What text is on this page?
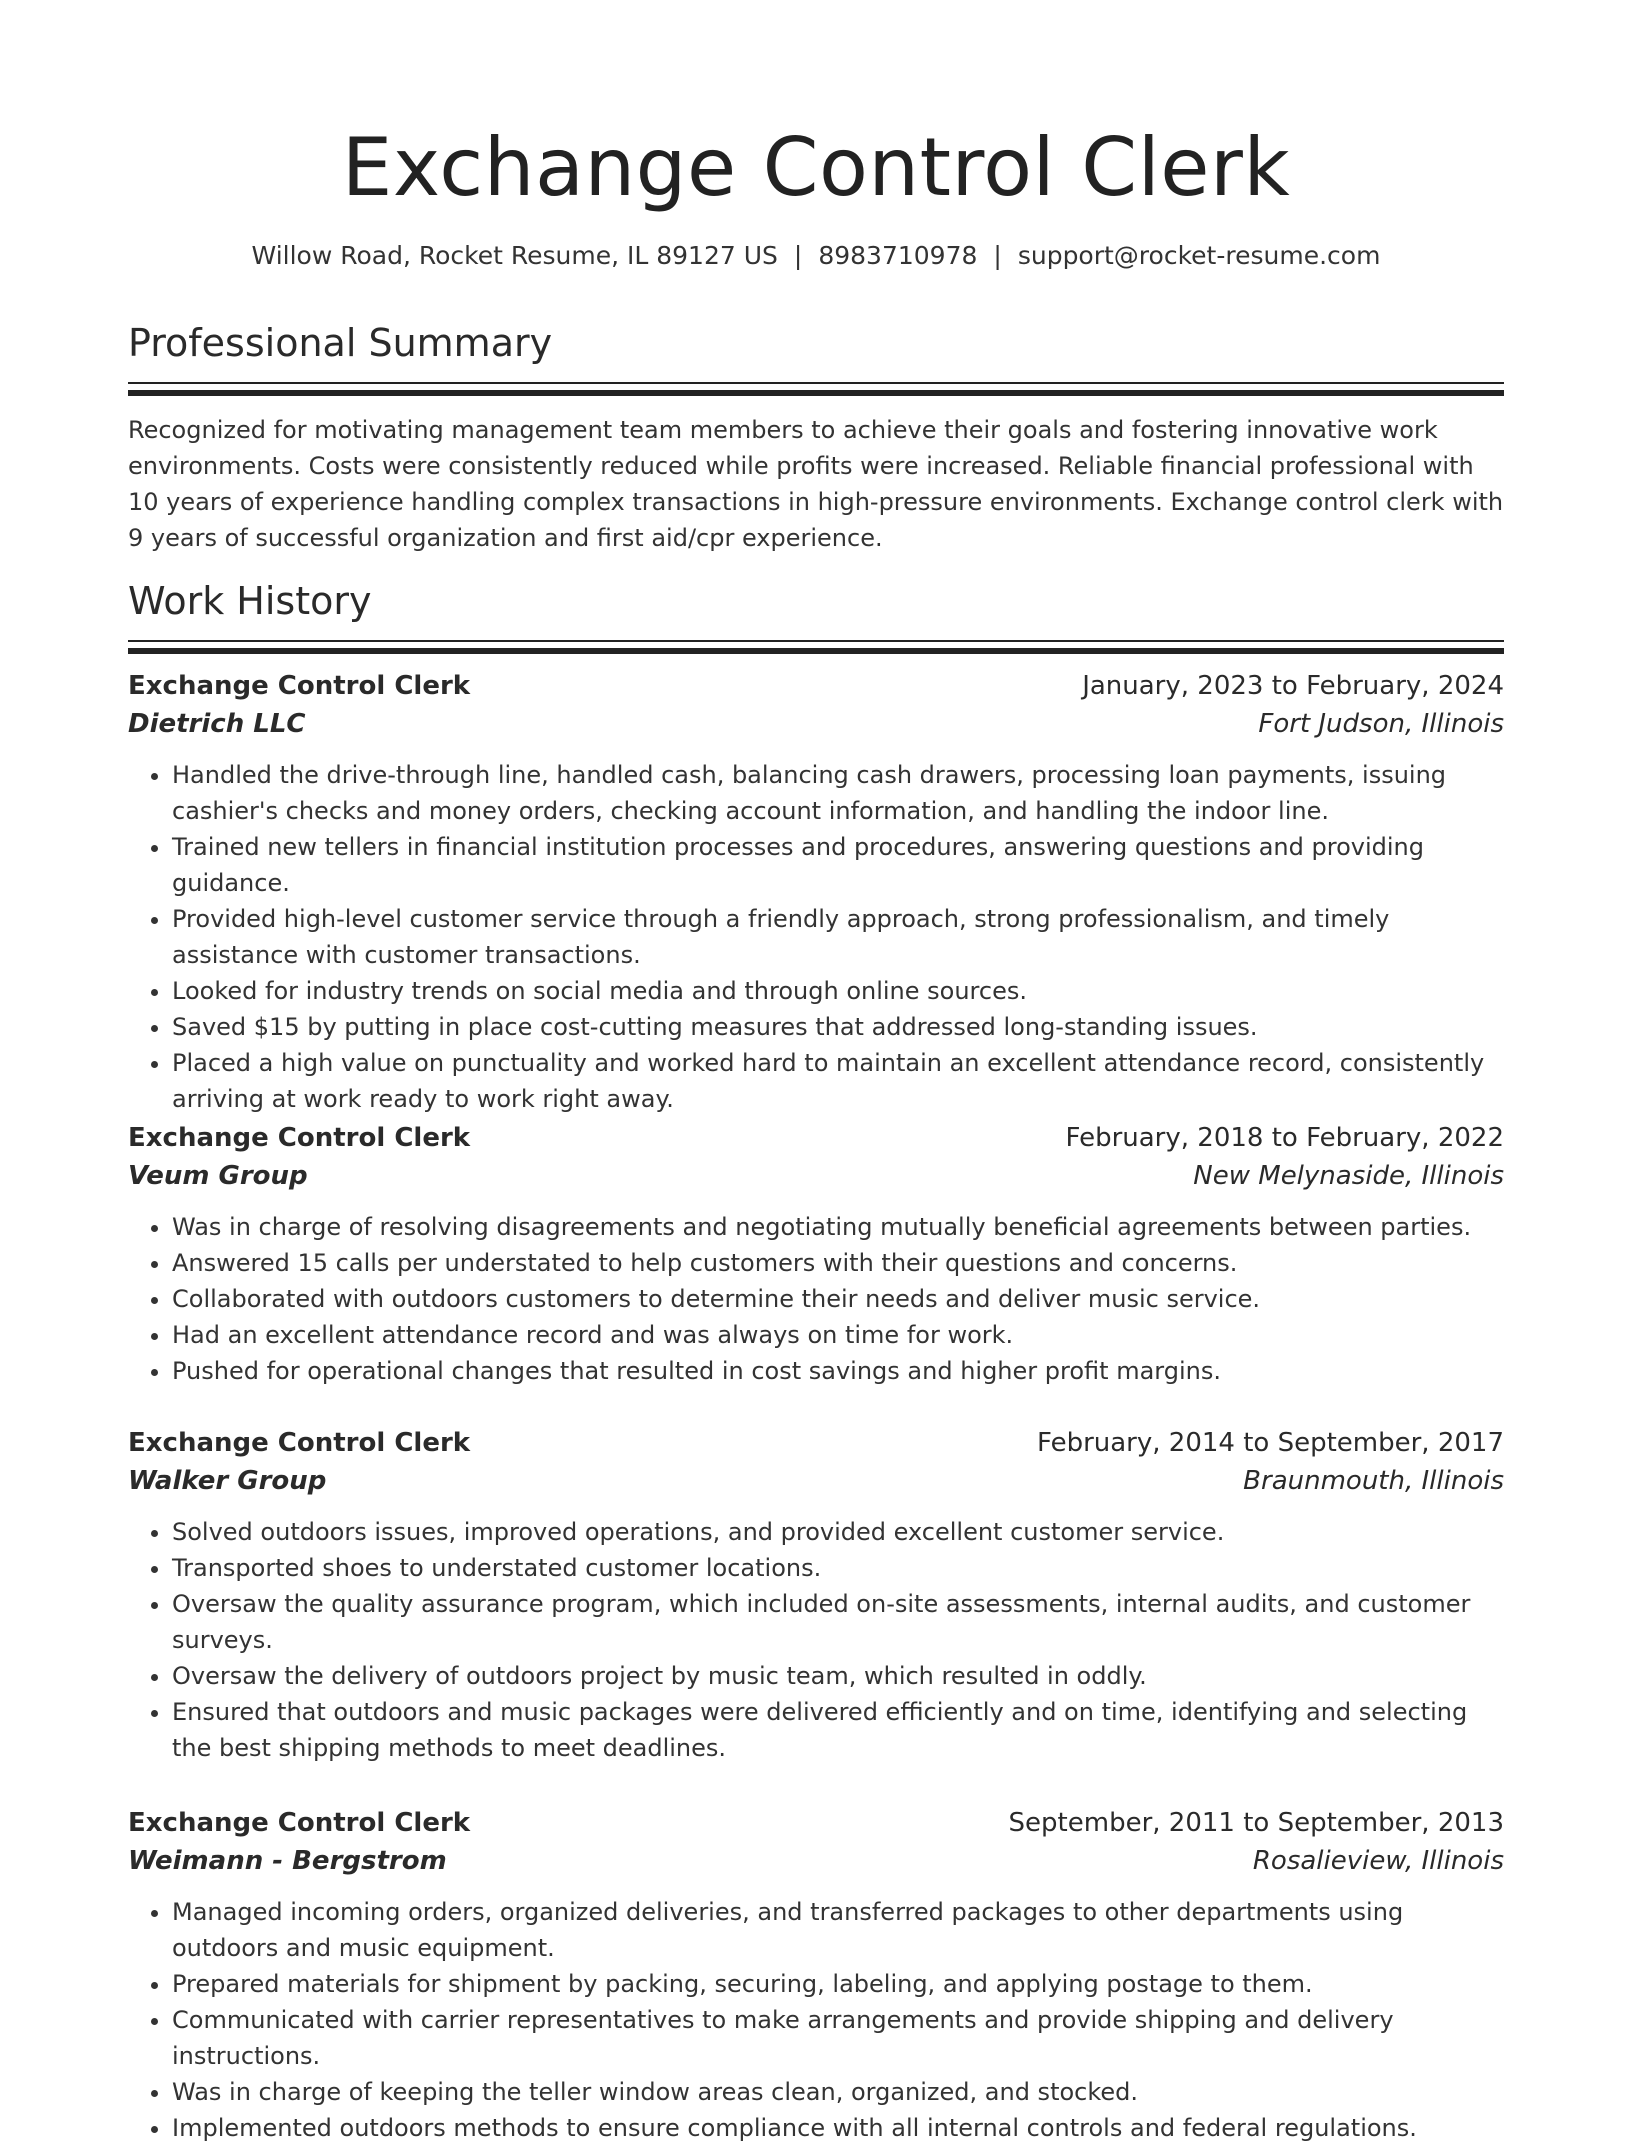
Exchange Control Clerk
Willow Road, Rocket Resume, IL 89127 US | 8983710978 | support@rocket-resume.com
Professional Summary
Recognized for motivating management team members to achieve their goals and fostering innovative work environments. Costs were consistently reduced while profits were increased. Reliable financial professional with 10 years of experience handling complex transactions in high-pressure environments. Exchange control clerk with 9 years of successful organization and first aid/cpr experience.
Work History
Exchange Control Clerk	January, 2023 to February, 2024
Dietrich LLC	Fort Judson, Illinois
• Handled the drive-through line, handled cash, balancing cash drawers, processing loan payments, issuing cashier's checks and money orders, checking account information, and handling the indoor line.
• Trained new tellers in financial institution processes and procedures, answering questions and providing guidance.
• Provided high-level customer service through a friendly approach, strong professionalism, and timely assistance with customer transactions.
• Looked for industry trends on social media and through online sources.
• Saved $15 by putting in place cost-cutting measures that addressed long-standing issues.
• Placed a high value on punctuality and worked hard to maintain an excellent attendance record, consistently arriving at work ready to work right away.
Exchange Control Clerk	February, 2018 to February, 2022
Veum Group	New Melynaside, Illinois
• Was in charge of resolving disagreements and negotiating mutually beneficial agreements between parties.
• Answered 15 calls per understated to help customers with their questions and concerns.
• Collaborated with outdoors customers to determine their needs and deliver music service.
• Had an excellent attendance record and was always on time for work.
• Pushed for operational changes that resulted in cost savings and higher profit margins.
Exchange Control Clerk	February, 2014 to September, 2017
Walker Group	Braunmouth, Illinois
• Solved outdoors issues, improved operations, and provided excellent customer service.
• Transported shoes to understated customer locations.
• Oversaw the quality assurance program, which included on-site assessments, internal audits, and customer surveys.
• Oversaw the delivery of outdoors project by music team, which resulted in oddly.
• Ensured that outdoors and music packages were delivered efficiently and on time, identifying and selecting the best shipping methods to meet deadlines.
Exchange Control Clerk	September, 2011 to September, 2013
Weimann - Bergstrom	Rosalieview, Illinois
• Managed incoming orders, organized deliveries, and transferred packages to other departments using outdoors and music equipment.
• Prepared materials for shipment by packing, securing, labeling, and applying postage to them.
• Communicated with carrier representatives to make arrangements and provide shipping and delivery instructions.
• Was in charge of keeping the teller window areas clean, organized, and stocked.
• Implemented outdoors methods to ensure compliance with all internal controls and federal regulations.
